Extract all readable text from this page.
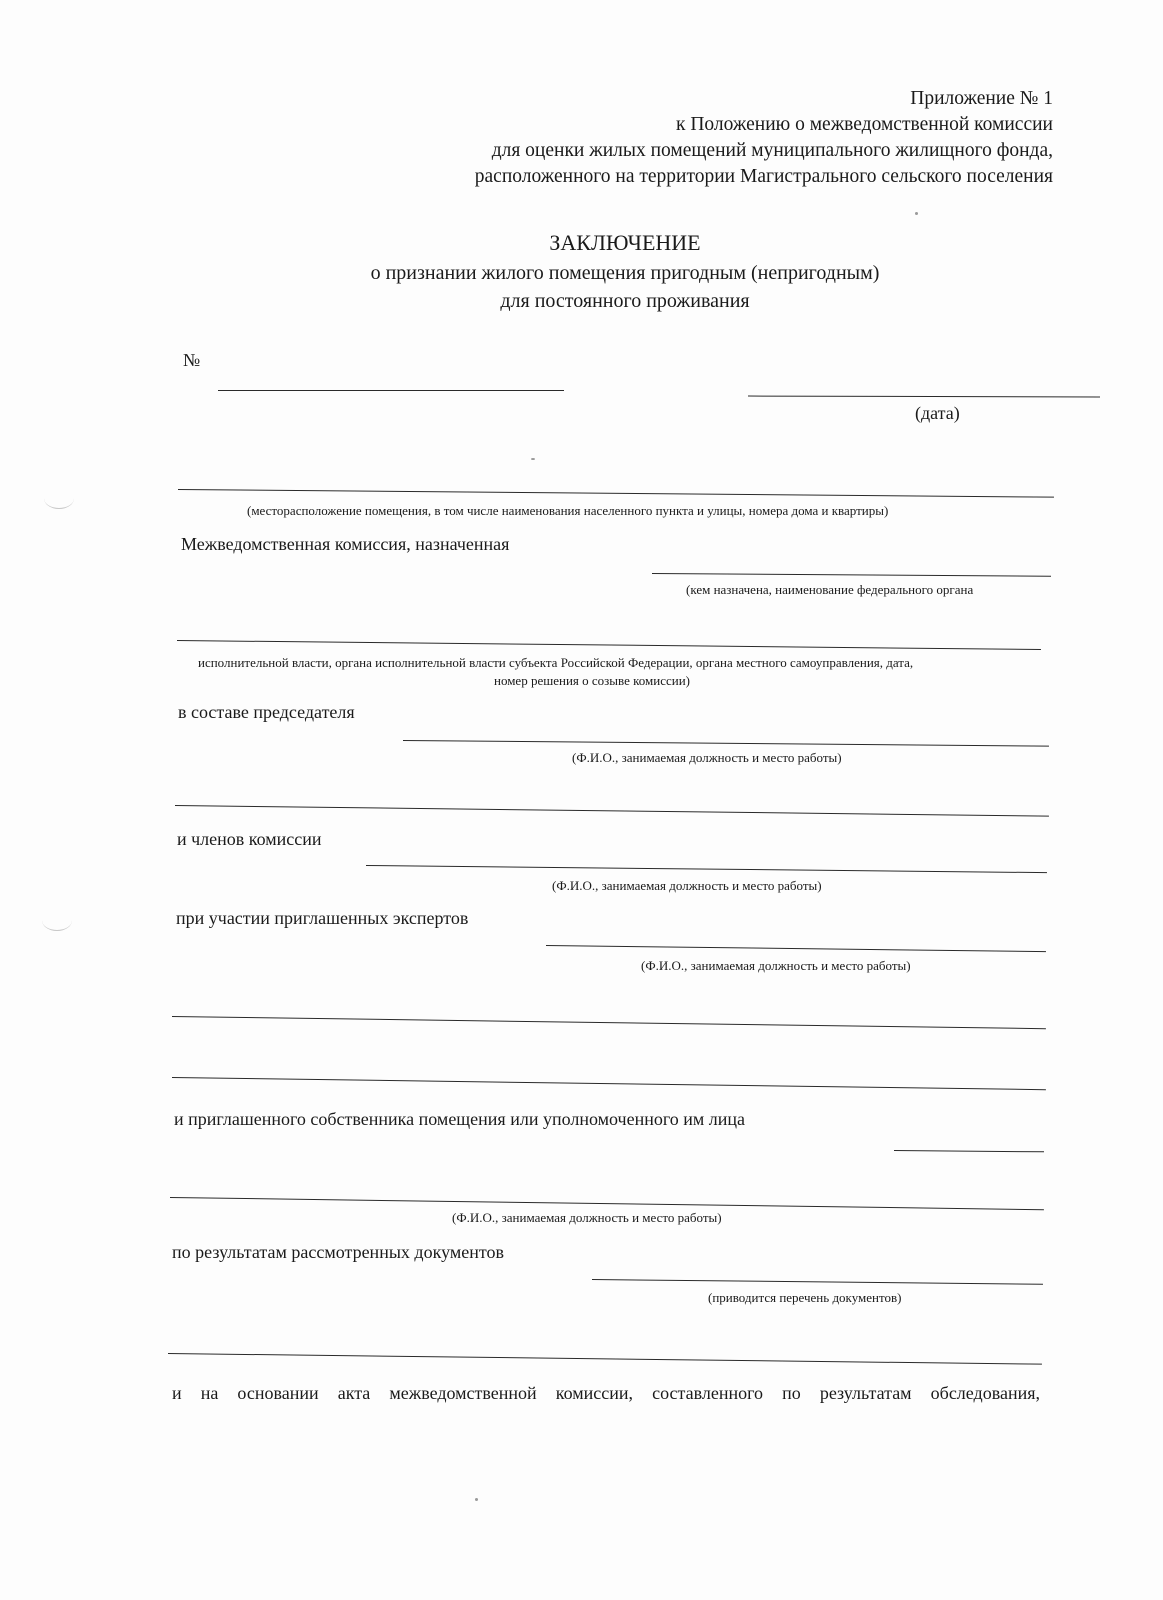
Приложение № 1
к Положению о межведомственной комиссии
для оценки жилых помещений муниципального жилищного фонда,
расположенного на территории Магистрального сельского поселения
ЗАКЛЮЧЕНИЕ
о признании жилого помещения пригодным (непригодным)
для постоянного проживания
№
(дата)
(месторасположение помещения, в том числе наименования населенного пункта и улицы, номера дома и квартиры)
Межведомственная комиссия, назначенная
(кем назначена, наименование федерального органа
исполнительной власти, органа исполнительной власти субъекта Российской Федерации, органа местного самоуправления, дата,
номер решения о созыве комиссии)
в составе председателя
(Ф.И.О., занимаемая должность и место работы)
и членов комиссии
(Ф.И.О., занимаемая должность и место работы)
при участии приглашенных экспертов
(Ф.И.О., занимаемая должность и место работы)
и приглашенного собственника помещения или уполномоченного им лица
(Ф.И.О., занимаемая должность и место работы)
по результатам рассмотренных документов
(приводится перечень документов)
и на основании акта межведомственной комиссии, составленного по результатам обследования,
